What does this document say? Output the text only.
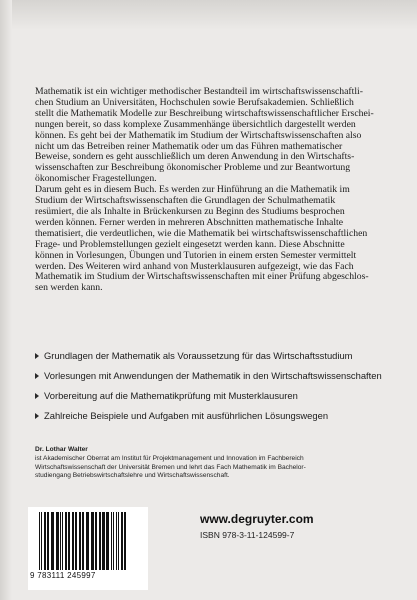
Mathematik ist ein wichtiger methodischer Bestandteil im wirtschaftswissenschaftli-

chen Studium an Universitäten, Hochschulen sowie Berufsakademien. Schließlich

stellt die Mathematik Modelle zur Beschreibung wirtschaftswissenschaftlicher Erschei-

nungen bereit, so dass komplexe Zusammenhänge übersichtlich dargestellt werden

können. Es geht bei der Mathematik im Studium der Wirtschaftswissenschaften also

nicht um das Betreiben reiner Mathematik oder um das Führen mathematischer

Beweise, sondern es geht ausschließlich um deren Anwendung in den Wirtschafts-

wissenschaften zur Beschreibung ökonomischer Probleme und zur Beantwortung

ökonomischer Fragestellungen.

Darum geht es in diesem Buch. Es werden zur Hinführung an die Mathematik im

Studium der Wirtschaftswissenschaften die Grundlagen der Schulmathematik

resümiert, die als Inhalte in Brückenkursen zu Beginn des Studiums besprochen

werden können. Ferner werden in mehreren Abschnitten mathematische Inhalte

thematisiert, die verdeutlichen, wie die Mathematik bei wirtschaftswissenschaftlichen

Frage- und Problemstellungen gezielt eingesetzt werden kann. Diese Abschnitte

können in Vorlesungen, Übungen und Tutorien in einem ersten Semester vermittelt

werden. Des Weiteren wird anhand von Musterklausuren aufgezeigt, wie das Fach

Mathematik im Studium der Wirtschaftswissenschaften mit einer Prüfung abgeschlos-

sen werden kann.

Grundlagen der Mathematik als Voraussetzung für das Wirtschaftsstudium
Vorlesungen mit Anwendungen der Mathematik in den Wirtschaftswissenschaften
Vorbereitung auf die Mathematikprüfung mit Musterklausuren
Zahlreiche Beispiele und Aufgaben mit ausführlichen Lösungswegen
Dr. Lothar Walter
ist Akademischer Oberrat am Institut für Projektmanagement und Innovation im Fachbereich
Wirtschaftswissenschaft der Universität Bremen und lehrt das Fach Mathematik im Bachelor-
studiengang Betriebswirtschaftslehre und Wirtschaftswissenschaft.
9 783111 245997
www.degruyter.com
ISBN 978-3-11-124599-7
